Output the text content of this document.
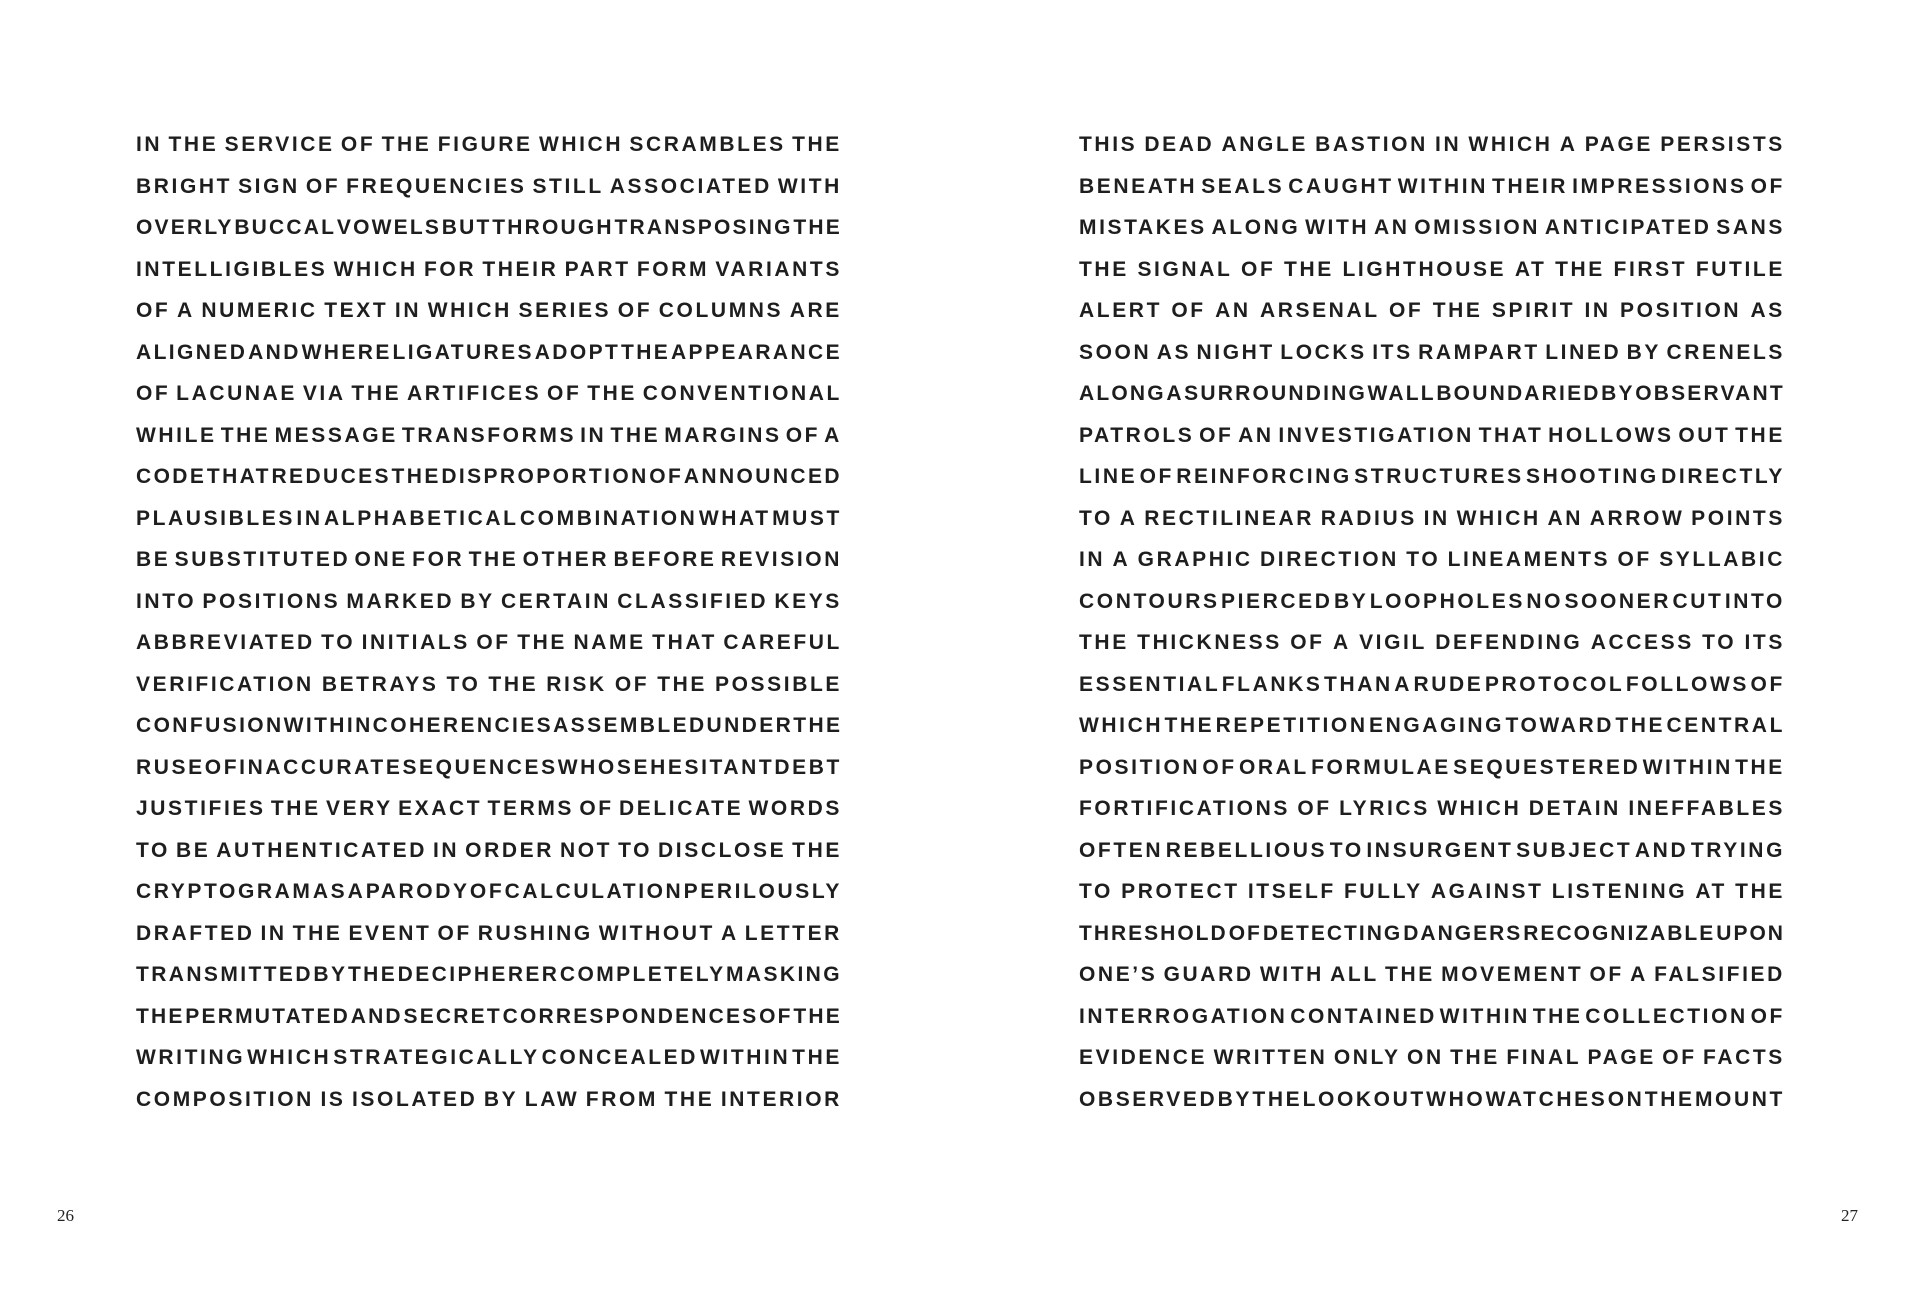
IN THE SERVICE OF THE FIGURE WHICH SCRAMBLES THE
BRIGHT SIGN OF FREQUENCIES STILL ASSOCIATED WITH
OVERLY BUCCAL VOWELS BUT THROUGH TRANSPOSING THE
INTELLIGIBLES WHICH FOR THEIR PART FORM VARIANTS
OF A NUMERIC TEXT IN WHICH SERIES OF COLUMNS ARE
ALIGNED AND WHERE LIGATURES ADOPT THE APPEARANCE
OF LACUNAE VIA THE ARTIFICES OF THE CONVENTIONAL
WHILE THE MESSAGE TRANSFORMS IN THE MARGINS OF A
CODE THAT REDUCES THE DISPROPORTION OF ANNOUNCED
PLAUSIBLES IN ALPHABETICAL COMBINATION WHAT MUST
BE SUBSTITUTED ONE FOR THE OTHER BEFORE REVISION
INTO POSITIONS MARKED BY CERTAIN CLASSIFIED KEYS
ABBREVIATED TO INITIALS OF THE NAME THAT CAREFUL
VERIFICATION BETRAYS TO THE RISK OF THE POSSIBLE
CONFUSION WITH INCOHERENCIES ASSEMBLED UNDER THE
RUSE OF INACCURATE SEQUENCES WHOSE HESITANT DEBT
JUSTIFIES THE VERY EXACT TERMS OF DELICATE WORDS
TO BE AUTHENTICATED IN ORDER NOT TO DISCLOSE THE
CRYPTOGRAM AS A PARODY OF CALCULATION PERILOUSLY
DRAFTED IN THE EVENT OF RUSHING WITHOUT A LETTER
TRANSMITTED BY THE DECIPHERER COMPLETELY MASKING
THE PERMUTATED AND SECRET CORRESPONDENCES OF THE
WRITING WHICH STRATEGICALLY CONCEALED WITHIN THE
COMPOSITION IS ISOLATED BY LAW FROM THE INTERIOR
26
THIS DEAD ANGLE BASTION IN WHICH A PAGE PERSISTS
BENEATH SEALS CAUGHT WITHIN THEIR IMPRESSIONS OF
MISTAKES ALONG WITH AN OMISSION ANTICIPATED SANS
THE SIGNAL OF THE LIGHTHOUSE AT THE FIRST FUTILE
ALERT OF AN ARSENAL OF THE SPIRIT IN POSITION AS
SOON AS NIGHT LOCKS ITS RAMPART LINED BY CRENELS
ALONG A SURROUNDING WALL BOUNDARIED BY OBSERVANT
PATROLS OF AN INVESTIGATION THAT HOLLOWS OUT THE
LINE OF REINFORCING STRUCTURES SHOOTING DIRECTLY
TO A RECTILINEAR RADIUS IN WHICH AN ARROW POINTS
IN A GRAPHIC DIRECTION TO LINEAMENTS OF SYLLABIC
CONTOURS PIERCED BY LOOPHOLES NO SOONER CUT INTO
THE THICKNESS OF A VIGIL DEFENDING ACCESS TO ITS
ESSENTIAL FLANKS THAN A RUDE PROTOCOL FOLLOWS OF
WHICH THE REPETITION ENGAGING TOWARD THE CENTRAL
POSITION OF ORAL FORMULAE SEQUESTERED WITHIN THE
FORTIFICATIONS OF LYRICS WHICH DETAIN INEFFABLES
OFTEN REBELLIOUS TO INSURGENT SUBJECT AND TRYING
TO PROTECT ITSELF FULLY AGAINST LISTENING AT THE
THRESHOLD OF DETECTING DANGERS RECOGNIZABLE UPON
ONE’S GUARD WITH ALL THE MOVEMENT OF A FALSIFIED
INTERROGATION CONTAINED WITHIN THE COLLECTION OF
EVIDENCE WRITTEN ONLY ON THE FINAL PAGE OF FACTS
OBSERVED BY THE LOOKOUT WHO WATCHES ON THE MOUNT
27
